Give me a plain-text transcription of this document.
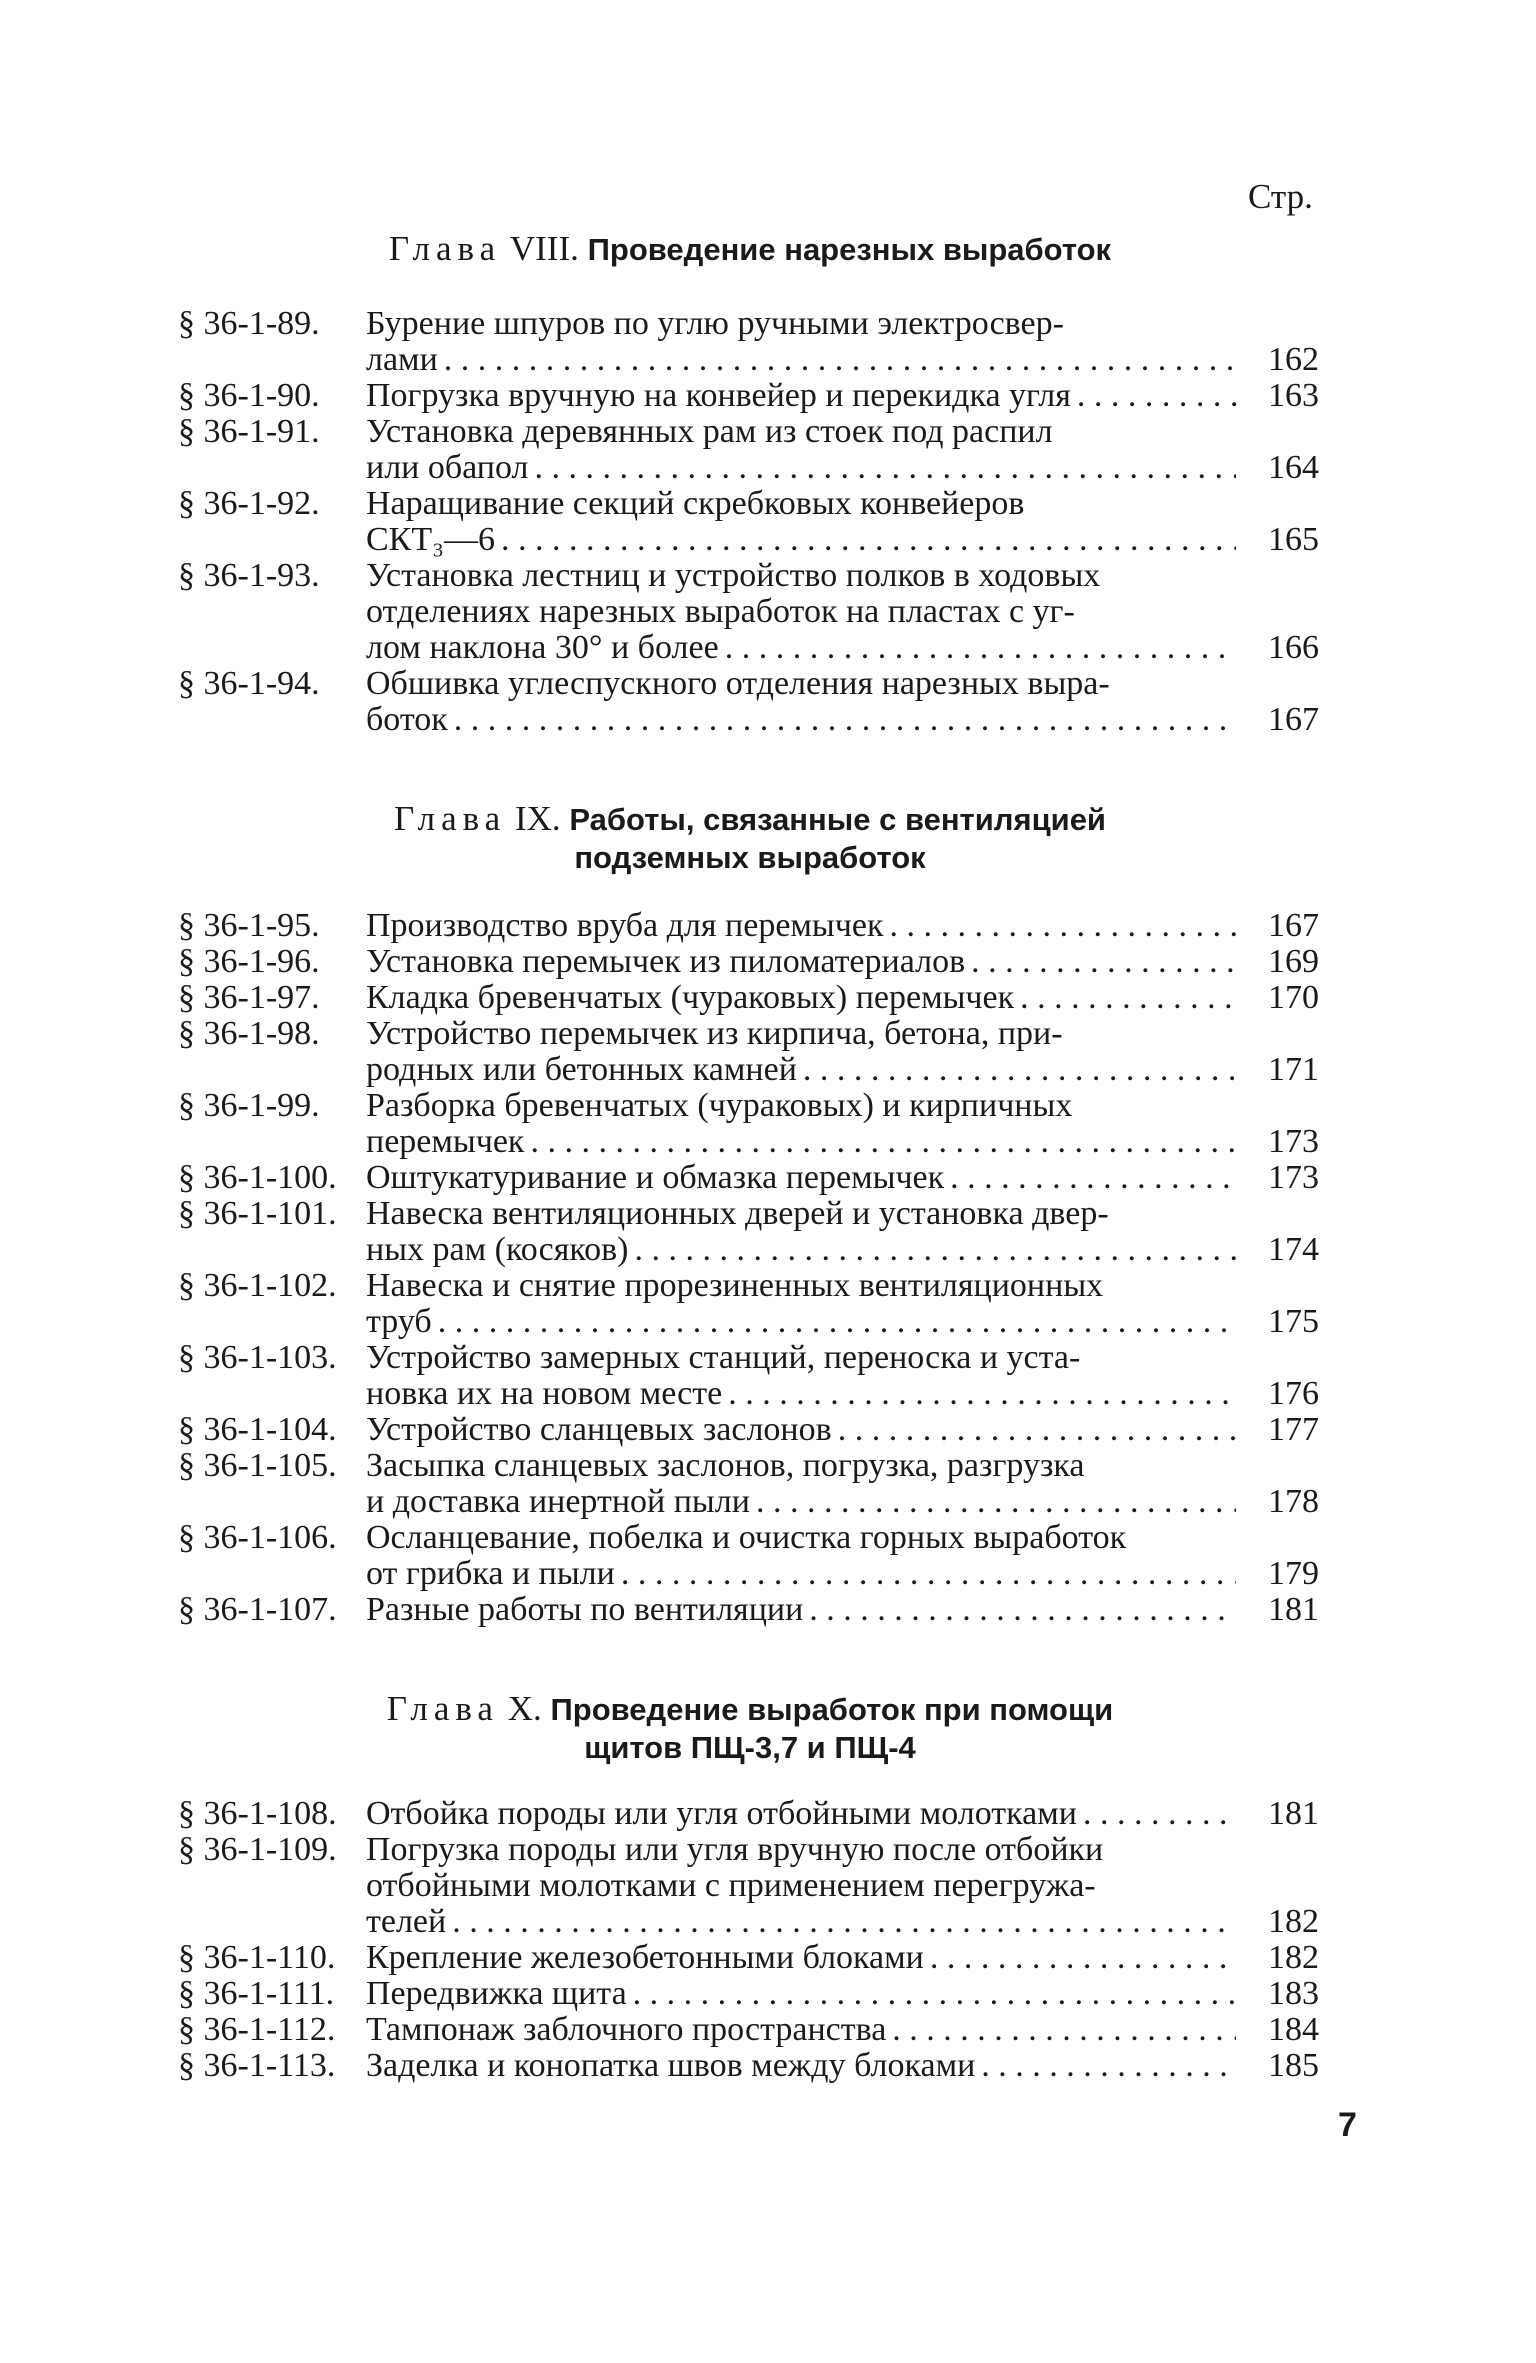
Стр.
Глава VIII. Проведение нарезных выработок
§ 36-1-89.	Бурение шпуров по углю ручными электросвер-
лами . . .	162
§ 36-1-90.	Погрузка вручную на конвейер и перекидка угля . . .	163
§ 36-1-91.	Установка деревянных рам из стоек под распил
или обапол . . .	164
§ 36-1-92.	Наращивание секций скребковых конвейеров
СКТ₃—6 . . .	165
§ 36-1-93.	Установка лестниц и устройство полков в ходовых
отделениях нарезных выработок на пластах с уг-
лом наклона 30° и более . . .	166
§ 36-1-94.	Обшивка углеспускного отделения нарезных выра-
боток . . .	167
Глава IX. Работы, связанные с вентиляцией
подземных выработок
§ 36-1-95.	Производство вруба для перемычек . . .	167
§ 36-1-96.	Установка перемычек из пиломатериалов . . .	169
§ 36-1-97.	Кладка бревенчатых (чураковых) перемычек . . .	170
§ 36-1-98.	Устройство перемычек из кирпича, бетона, при-
родных или бетонных камней . . .	171
§ 36-1-99.	Разборка бревенчатых (чураковых) и кирпичных
перемычек . . .	173
§ 36-1-100. Оштукатуривание и обмазка перемычек . . .	173
§ 36-1-101. Навеска вентиляционных дверей и установка двер-
ных рам (косяков) . . .	174
§ 36-1-102. Навеска и снятие прорезиненных вентиляционных
труб . . .	175
§ 36-1-103. Устройство замерных станций, переноска и уста-
новка их на новом месте . . .	176
§ 36-1-104. Устройство сланцевых заслонов . . .	177
§ 36-1-105. Засыпка сланцевых заслонов, погрузка, разгрузка
и доставка инертной пыли . . .	178
§ 36-1-106. Осланцевание, побелка и очистка горных выработок
от грибка и пыли . . .	179
§ 36-1-107. Разные работы по вентиляции . . .	181
Глава X. Проведение выработок при помощи
щитов ПЩ-3,7 и ПЩ-4
§ 36-1-108. Отбойка породы или угля отбойными молотками . . .	181
§ 36-1-109. Погрузка породы или угля вручную после отбойки
отбойными молотками с применением перегружа-
телей . . .	182
§ 36-1-110. Крепление железобетонными блоками . . .	182
§ 36-1-111. Передвижка щита . . .	183
§ 36-1-112. Тампонаж заблочного пространства . . .	184
§ 36-1-113. Заделка и конопатка швов между блоками . . .	185
7
